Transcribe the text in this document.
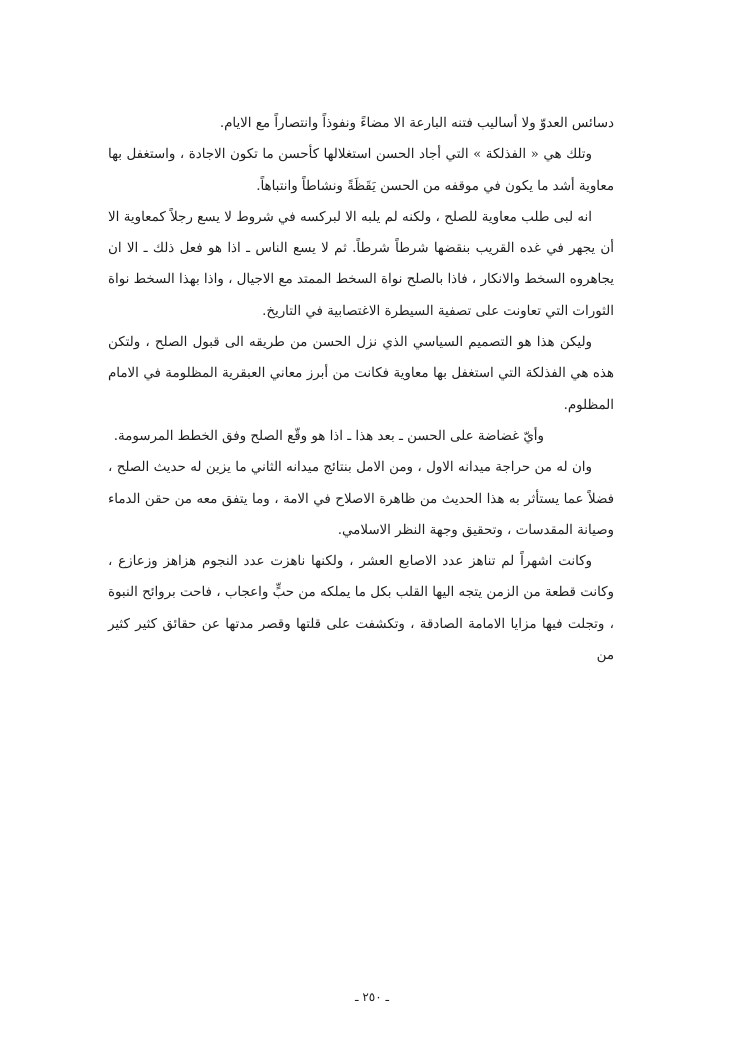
دسائس العدوّ ولا أساليب فتنه البارعة الا مضاءً ونفوذاً وانتصاراً مع الايام.

وتلك هي « الفذلكة » التي أجاد الحسن استغلالها كأحسن ما تكون الاجادة ، واستغفل بها معاوية أشد ما يكون في موقفه من الحسن يَقَظَةً ونشاطاً وانتباهاً.

انه لبى طلب معاوية للصلح ، ولكنه لم يلبه الا لبركسه في شروط لا يسع رجلاً كمعاوية الا أن يجهر في غده القريب بنقضها شرطاً شرطاً. ثم لا يسع الناس ـ اذا هو فعل ذلك ـ الا ان يجاهروه السخط والانكار ، فاذا بالصلح نواة السخط الممتد مع الاجيال ، واذا بهذا السخط نواة الثورات التي تعاونت على تصفية السيطرة الاغتصابية في التاريخ.

وليكن هذا هو التصميم السياسي الذي نزل الحسن من طريقه الى قبول الصلح ، ولتكن هذه هي الفذلكة التي استغفل بها معاوية فكانت من أبرز معاني العبقرية المظلومة في الامام المظلوم.

وأيّ غضاضة على الحسن ـ بعد هذا ـ اذا هو وقّع الصلح وفق الخطط المرسومة.

وان له من حراجة ميدانه الاول ، ومن الامل بنتائج ميدانه الثاني ما يزين له حديث الصلح ، فضلاً عما يستأثر به هذا الحديث من ظاهرة الاصلاح في الامة ، وما يتفق معه من حقن الدماء وصيانة المقدسات ، وتحقيق وجهة النظر الاسلامي.

وكانت اشهراً لم تناهز عدد الاصابع العشر ، ولكنها ناهزت عدد النجوم هزاهز وزعازع ، وكانت قطعة من الزمن يتجه اليها القلب بكل ما يملكه من حبٍّ واعجاب ، فاحت بروائح النبوة ، وتجلت فيها مزايا الامامة الصادقة ، وتكشفت على قلتها وقصر مدتها عن حقائق كثير كثير من

ـ ٢٥٠ ـ
